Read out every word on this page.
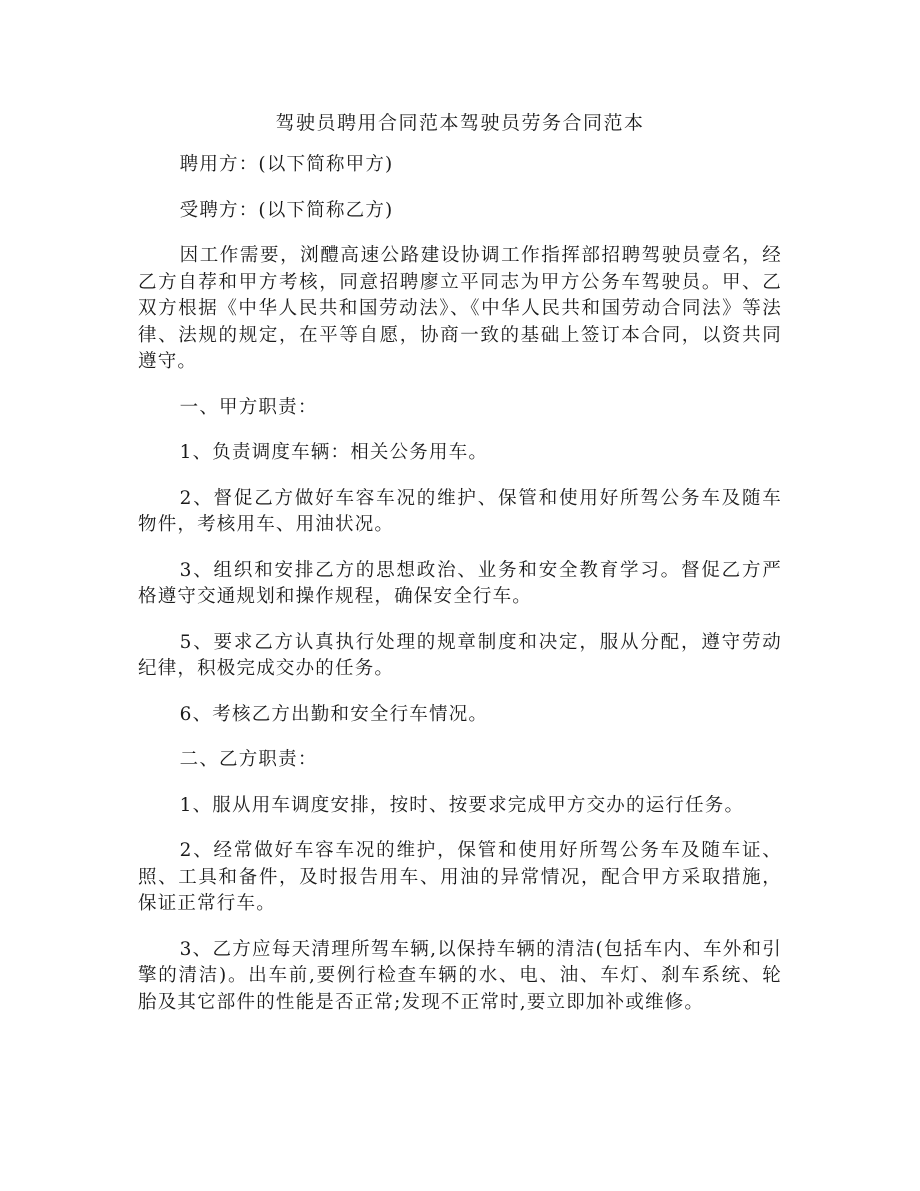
驾驶员聘用合同范本驾驶员劳务合同范本

聘用方：(以下简称甲方)

受聘方：(以下简称乙方)

因工作需要，浏醴高速公路建设协调工作指挥部招聘驾驶员壹名，经乙方自荐和甲方考核，同意招聘廖立平同志为甲方公务车驾驶员。甲、乙双方根据《中华人民共和国劳动法》、《中华人民共和国劳动合同法》等法律、法规的规定，在平等自愿，协商一致的基础上签订本合同，以资共同遵守。

一、甲方职责：

1、负责调度车辆：相关公务用车。

2、督促乙方做好车容车况的维护、保管和使用好所驾公务车及随车物件，考核用车、用油状况。

3、组织和安排乙方的思想政治、业务和安全教育学习。督促乙方严格遵守交通规划和操作规程，确保安全行车。

5、要求乙方认真执行处理的规章制度和决定，服从分配，遵守劳动纪律，积极完成交办的任务。

6、考核乙方出勤和安全行车情况。

二、乙方职责：

1、服从用车调度安排，按时、按要求完成甲方交办的运行任务。

2、经常做好车容车况的维护，保管和使用好所驾公务车及随车证、照、工具和备件，及时报告用车、用油的异常情况，配合甲方采取措施，保证正常行车。

3、乙方应每天清理所驾车辆,以保持车辆的清洁(包括车内、车外和引擎的清洁)。出车前,要例行检查车辆的水、电、油、车灯、刹车系统、轮胎及其它部件的性能是否正常;发现不正常时,要立即加补或维修。
